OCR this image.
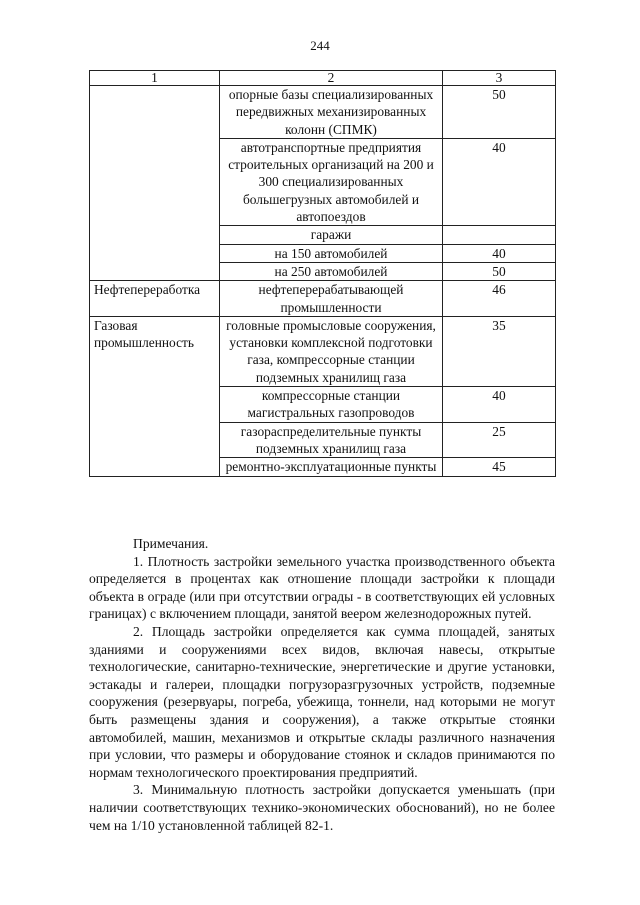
244
1	2	3
	опорные базы специализированных передвижных механизированных колонн (СПМК)	50
	автотранспортные предприятия строительных организаций на 200 и 300 специализированных большегрузных автомобилей и автопоездов	40
	гаражи	
	на 150 автомобилей	40
	на 250 автомобилей	50
Нефтепереработка	нефтеперерабатывающей промышленности	46
Газовая промышленность	головные промысловые сооружения, установки комплексной подготовки газа, компрессорные станции подземных хранилищ газа	35
	компрессорные станции магистральных газопроводов	40
	газораспределительные пункты подземных хранилищ газа	25
	ремонтно-эксплуатационные пункты	45

Примечания.

1. Плотность застройки земельного участка производственного объекта определяется в процентах как отношение площади застройки к площади объекта в ограде (или при отсутствии ограды - в соответствующих ей условных границах) с включением площади, занятой веером железнодорожных путей.

2. Площадь застройки определяется как сумма площадей, занятых зданиями и сооружениями всех видов, включая навесы, открытые технологические, санитарно-технические, энергетические и другие установки, эстакады и галереи, площадки погрузоразгрузочных устройств, подземные сооружения (резервуары, погреба, убежища, тоннели, над которыми не могут быть размещены здания и сооружения), а также открытые стоянки автомобилей, машин, механизмов и открытые склады различного назначения при условии, что размеры и оборудование стоянок и складов принимаются по нормам технологического проектирования предприятий.

3. Минимальную плотность застройки допускается уменьшать (при наличии соответствующих технико-экономических обоснований), но не более чем на 1/10 установленной таблицей 82-1.
